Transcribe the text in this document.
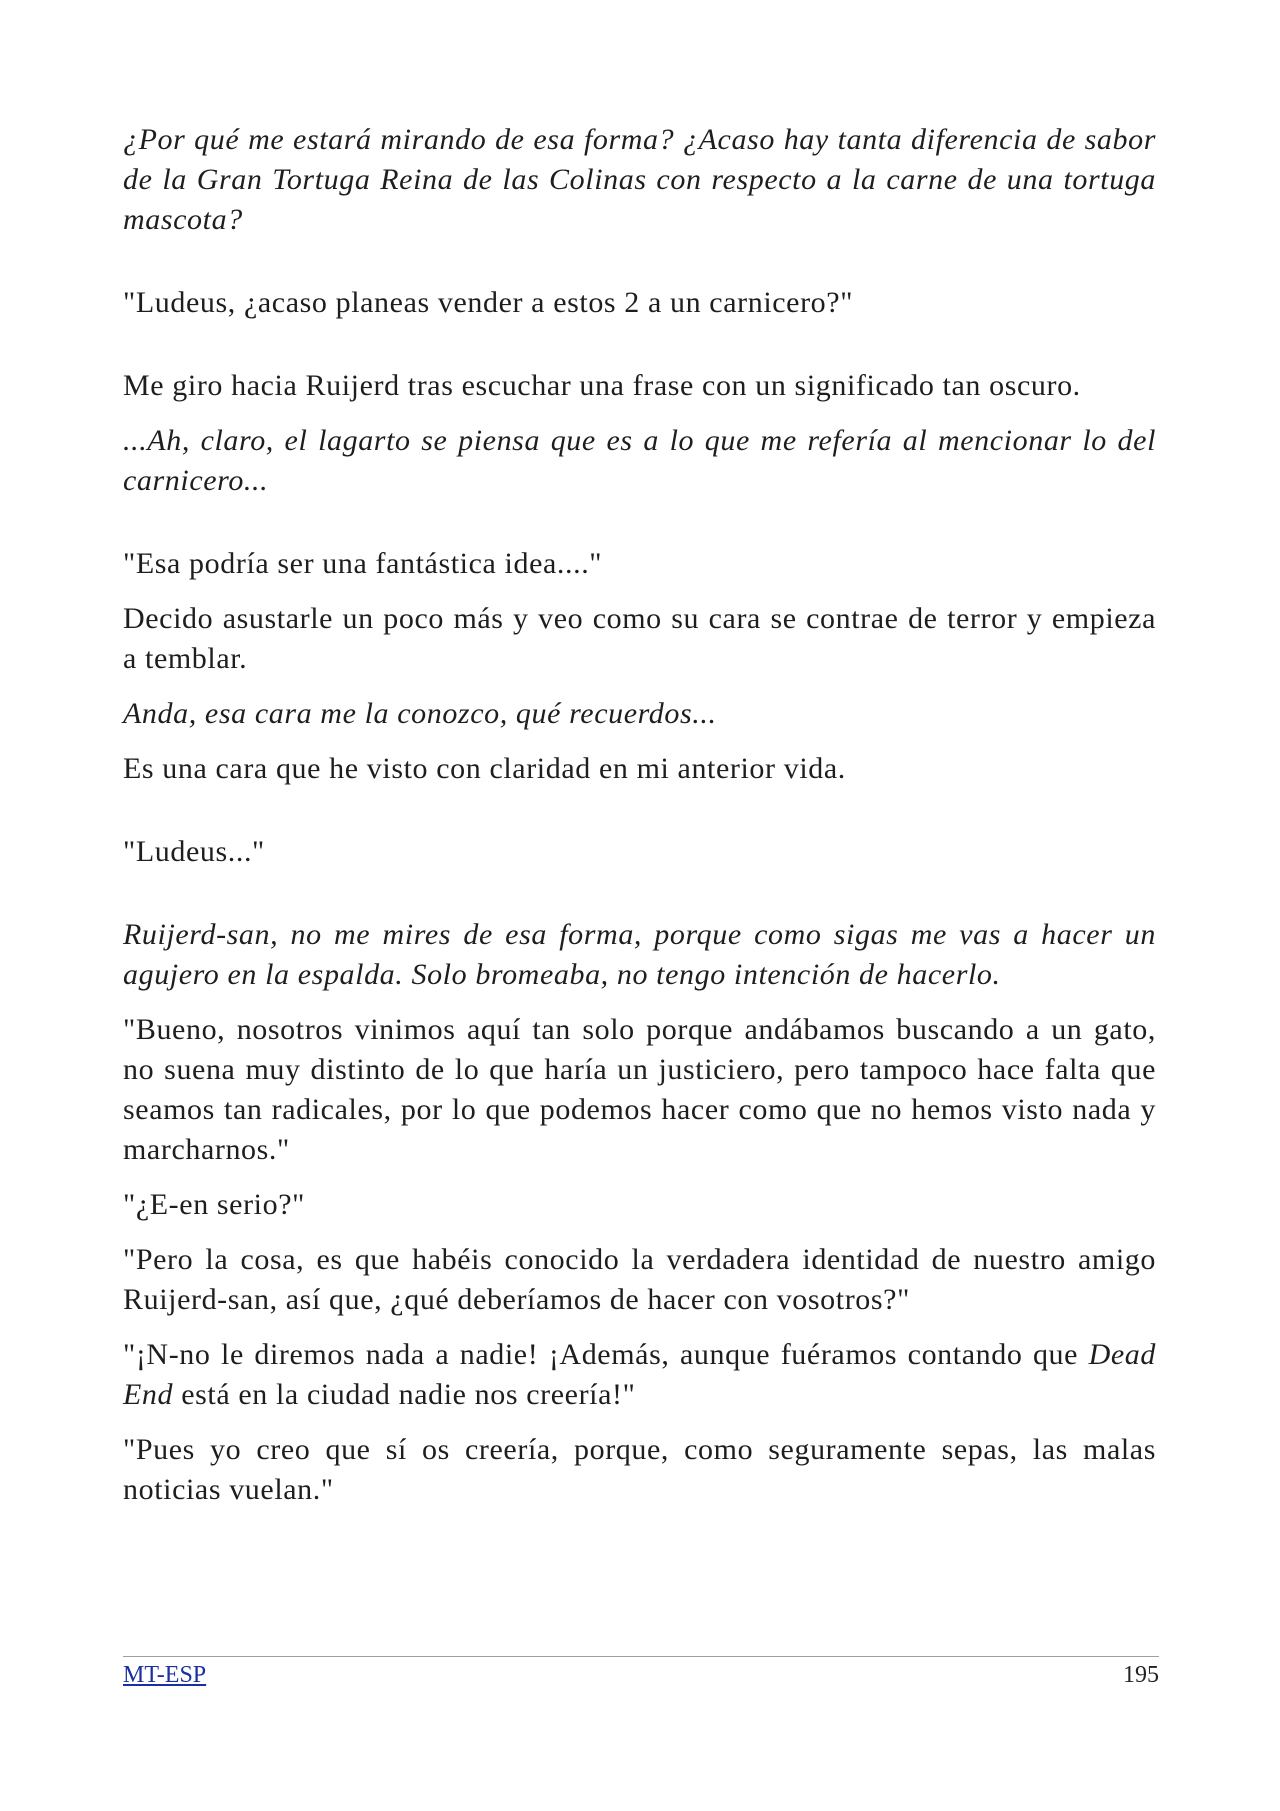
¿Por qué me estará mirando de esa forma? ¿Acaso hay tanta diferencia de sabor de la Gran Tortuga Reina de las Colinas con respecto a la carne de una tortuga mascota?

"Ludeus, ¿acaso planeas vender a estos 2 a un carnicero?"

Me giro hacia Ruijerd tras escuchar una frase con un significado tan oscuro.

...Ah, claro, el lagarto se piensa que es a lo que me refería al mencionar lo del carnicero...

"Esa podría ser una fantástica idea...."

Decido asustarle un poco más y veo como su cara se contrae de terror y empieza a temblar.

Anda, esa cara me la conozco, qué recuerdos...

Es una cara que he visto con claridad en mi anterior vida.

"Ludeus..."

Ruijerd-san, no me mires de esa forma, porque como sigas me vas a hacer un agujero en la espalda. Solo bromeaba, no tengo intención de hacerlo.

"Bueno, nosotros vinimos aquí tan solo porque andábamos buscando a un gato, no suena muy distinto de lo que haría un justiciero, pero tampoco hace falta que seamos tan radicales, por lo que podemos hacer como que no hemos visto nada y marcharnos."

"¿E-en serio?"

"Pero la cosa, es que habéis conocido la verdadera identidad de nuestro amigo Ruijerd-san, así que, ¿qué deberíamos de hacer con vosotros?"

"¡N-no le diremos nada a nadie! ¡Además, aunque fuéramos contando que Dead End está en la ciudad nadie nos creería!"

"Pues yo creo que sí os creería, porque, como seguramente sepas, las malas noticias vuelan."

MT-ESP	195
